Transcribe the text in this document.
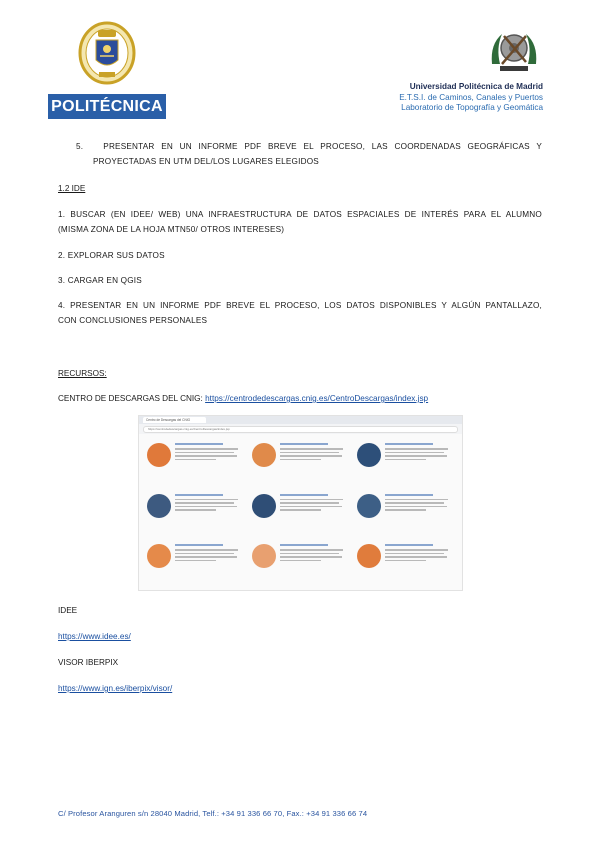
POLITÉCNICA
Universidad Politécnica de Madrid
E.T.S.I. de Caminos, Canales y Puertos
Laboratorio de Topografía y Geomática
5. PRESENTAR EN UN INFORME PDF BREVE EL PROCESO, LAS COORDENADAS GEOGRÁFICAS Y
PROYECTADAS EN UTM DEL/LOS LUGARES ELEGIDOS
1.2 IDE
1. BUSCAR (EN IDEE/ WEB) UNA INFRAESTRUCTURA DE DATOS ESPACIALES DE INTERÉS PARA EL ALUMNO
(MISMA ZONA DE LA HOJA MTN50/ OTROS INTERESES)
2. EXPLORAR SUS DATOS
3. CARGAR EN QGIS
4. PRESENTAR EN UN INFORME PDF BREVE EL PROCESO, LOS DATOS DISPONIBLES Y ALGÚN PANTALLAZO,
CON CONCLUSIONES PERSONALES
RECURSOS:
CENTRO DE DESCARGAS DEL CNIG: https://centrodedescargas.cnig.es/CentroDescargas/index.jsp
Centro de Descargas del CNIG
https://centrodedescargas.cnig.es/CentroDescargas/index.jsp
IDEE
https://www.idee.es/
VISOR IBERPIX
https://www.ign.es/iberpix/visor/
C/ Profesor Aranguren s/n 28040 Madrid, Telf.: +34 91 336 66 70, Fax.: +34 91 336 66 74
